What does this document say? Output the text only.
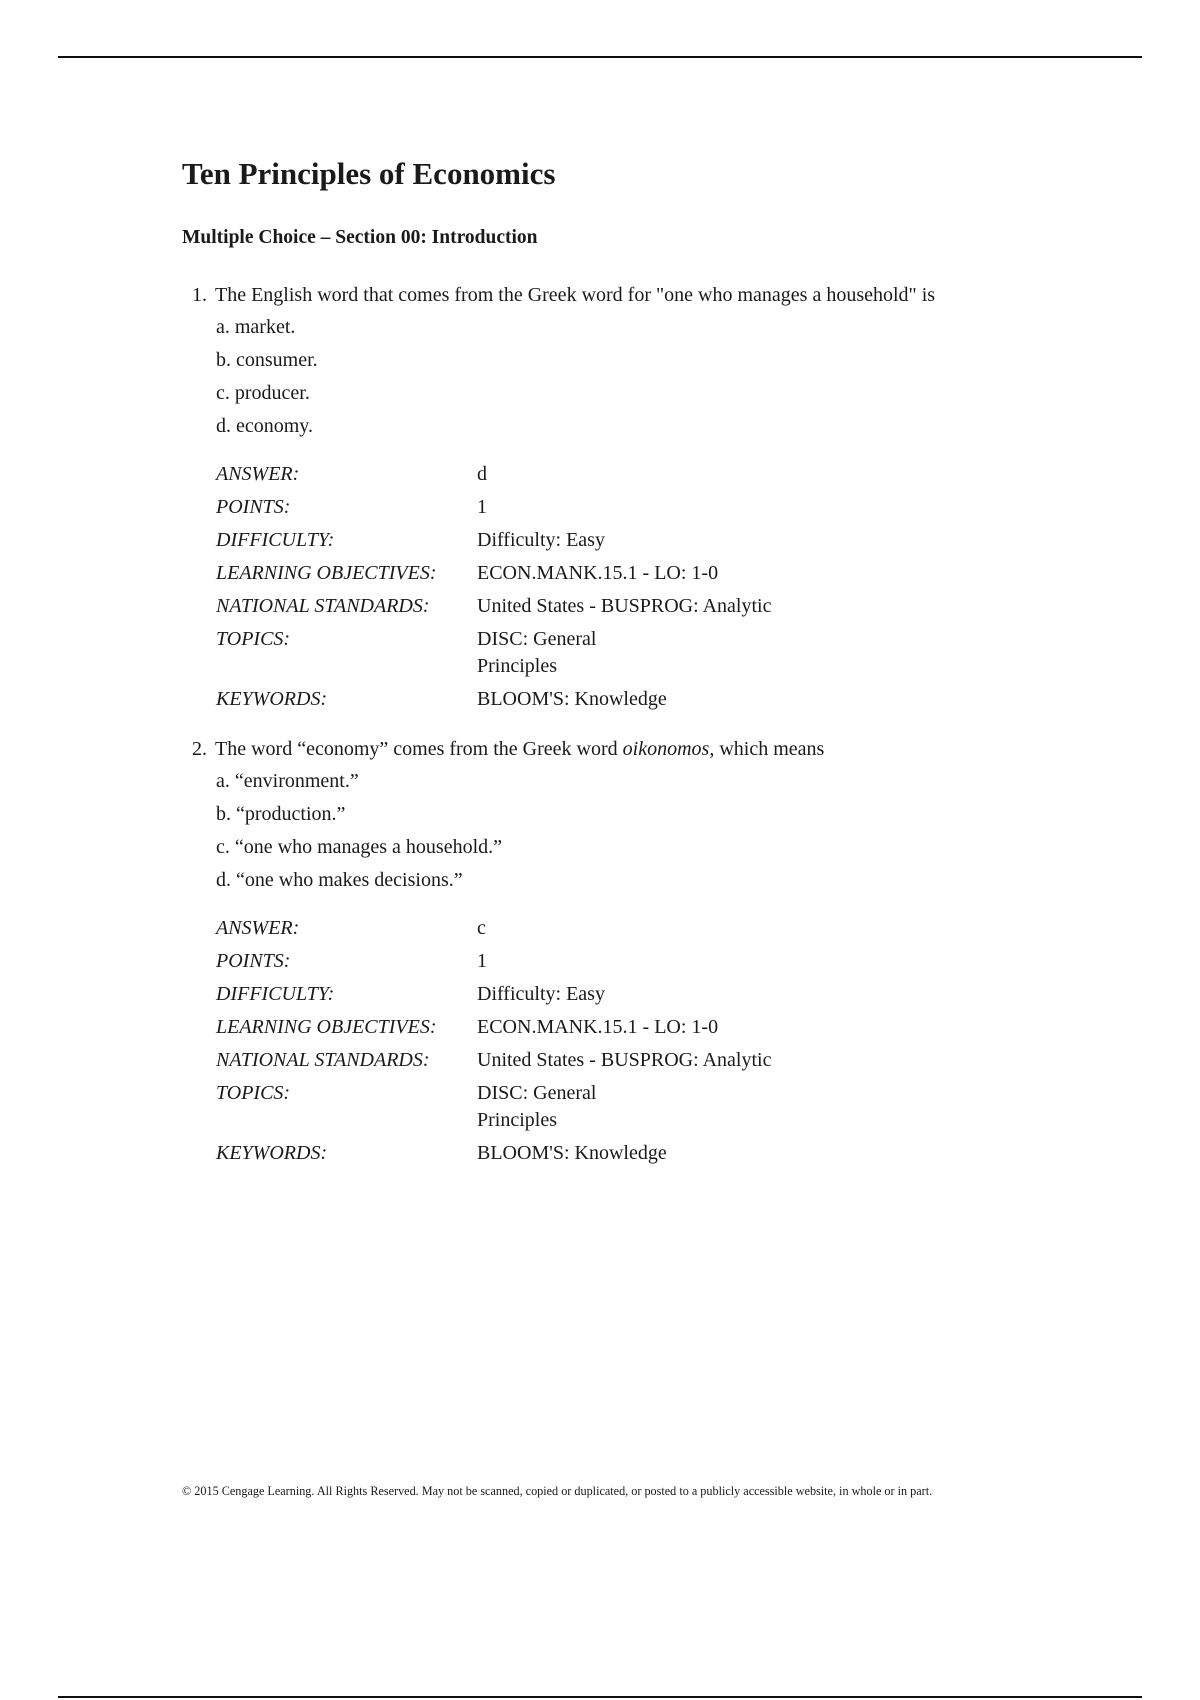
Ten Principles of Economics
Multiple Choice – Section 00: Introduction
1. The English word that comes from the Greek word for "one who manages a household" is
a. market.
b. consumer.
c. producer.
d. economy.
ANSWER:	d
POINTS:	1
DIFFICULTY:	Difficulty: Easy
LEARNING OBJECTIVES:	ECON.MANK.15.1 - LO: 1-0
NATIONAL STANDARDS:	United States - BUSPROG: Analytic
TOPICS:	DISC: General
Principles

KEYWORDS:	BLOOM'S: Knowledge
2. The word “economy” comes from the Greek word oikonomos, which means
a. “environment.”
b. “production.”
c. “one who manages a household.”
d. “one who makes decisions.”
ANSWER:	c
POINTS:	1
DIFFICULTY:	Difficulty: Easy
LEARNING OBJECTIVES:	ECON.MANK.15.1 - LO: 1-0
NATIONAL STANDARDS:	United States - BUSPROG: Analytic
TOPICS:	DISC: General
Principles

KEYWORDS:	BLOOM'S: Knowledge
© 2015 Cengage Learning. All Rights Reserved. May not be scanned, copied or duplicated, or posted to a publicly accessible website, in whole or in part.
